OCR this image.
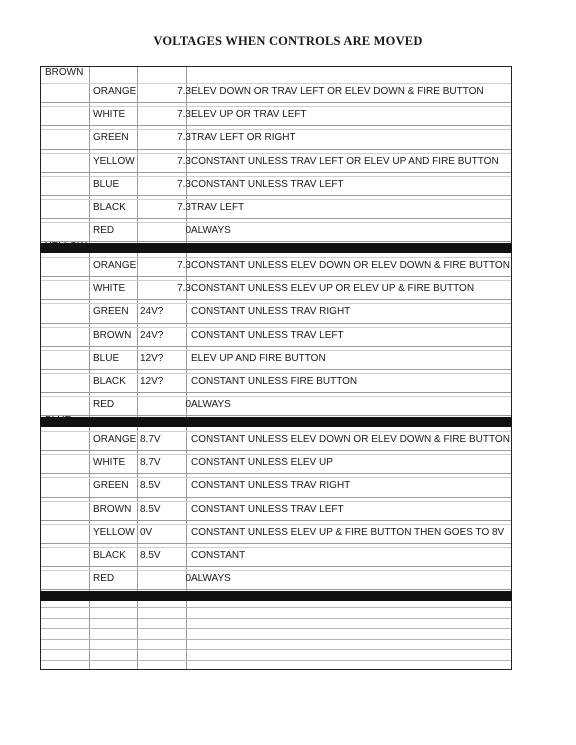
VOLTAGES WHEN CONTROLS ARE MOVED
BROWN
ORANGE	7.3 ELEV DOWN OR TRAV LEFT OR ELEV DOWN & FIRE BUTTON
WHITE	7.3 ELEV UP OR TRAV LEFT
GREEN	7.3 TRAV LEFT OR RIGHT
YELLOW	7.3 CONSTANT UNLESS TRAV LEFT OR ELEV UP AND FIRE BUTTON
BLUE	7.3 CONSTANT UNLESS TRAV LEFT
BLACK	7.3 TRAV LEFT
RED	0 ALWAYS
YELLOW
ORANGE	7.3 CONSTANT UNLESS ELEV DOWN OR ELEV DOWN & FIRE BUTTON
WHITE	7.3 CONSTANT UNLESS ELEV UP OR ELEV UP & FIRE BUTTON
GREEN 24V?	CONSTANT UNLESS TRAV RIGHT
BROWN 24V?	CONSTANT UNLESS TRAV LEFT
BLUE 12V?	ELEV UP AND FIRE BUTTON
BLACK 12V?	CONSTANT UNLESS FIRE BUTTON
RED	0 ALWAYS
BLUE
ORANGE 8.7V	CONSTANT UNLESS ELEV DOWN OR ELEV DOWN & FIRE BUTTON
WHITE 8.7V	CONSTANT UNLESS ELEV UP
GREEN 8.5V	CONSTANT UNLESS TRAV RIGHT
BROWN 8.5V	CONSTANT UNLESS TRAV LEFT
YELLOW 0V	CONSTANT UNLESS ELEV UP & FIRE BUTTON THEN GOES TO 8V
BLACK 8.5V	CONSTANT
RED	0 ALWAYS
